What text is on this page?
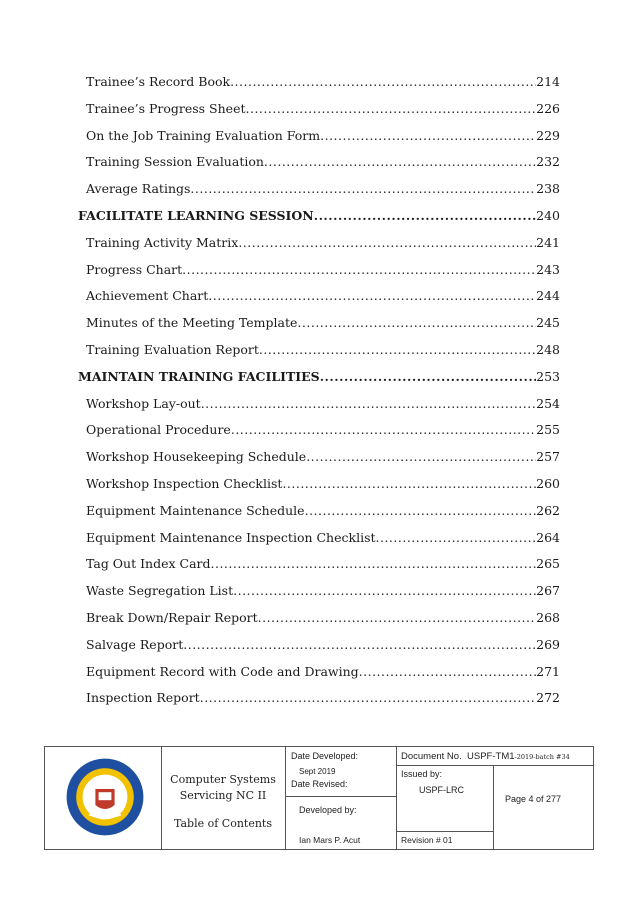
Trainee’s Record Book .....	214
Trainee’s Progress Sheet .....	226
On the Job Training Evaluation Form .....	229
Training Session Evaluation .....	232
Average Ratings .....	238
FACILITATE LEARNING SESSION .....	240
Training Activity Matrix .....	241
Progress Chart .....	243
Achievement Chart .....	244
Minutes of the Meeting Template .....	245
Training Evaluation Report .....	248
MAINTAIN TRAINING FACILITIES .....	253
Workshop Lay-out .....	254
Operational Procedure .....	255
Workshop Housekeeping Schedule .....	257
Workshop Inspection Checklist .....	260
Equipment Maintenance Schedule .....	262
Equipment Maintenance Inspection Checklist .....	264
Tag Out Index Card .....	265
Waste Segregation List .....	267
Break Down/Repair Report .....	268
Salvage Report .....	269
Equipment Record with Code and Drawing .....	271
Inspection Report .....	272
Computer Systems
Servicing NC II
Table of Contents
Date Developed:
Sept 2019
Date Revised:
Developed by:
Ian Mars P. Acut
Document No. USPF-TM1-2019-batch #34
Issued by:
USPF-LRC
Page 4 of 277
Revision # 01
